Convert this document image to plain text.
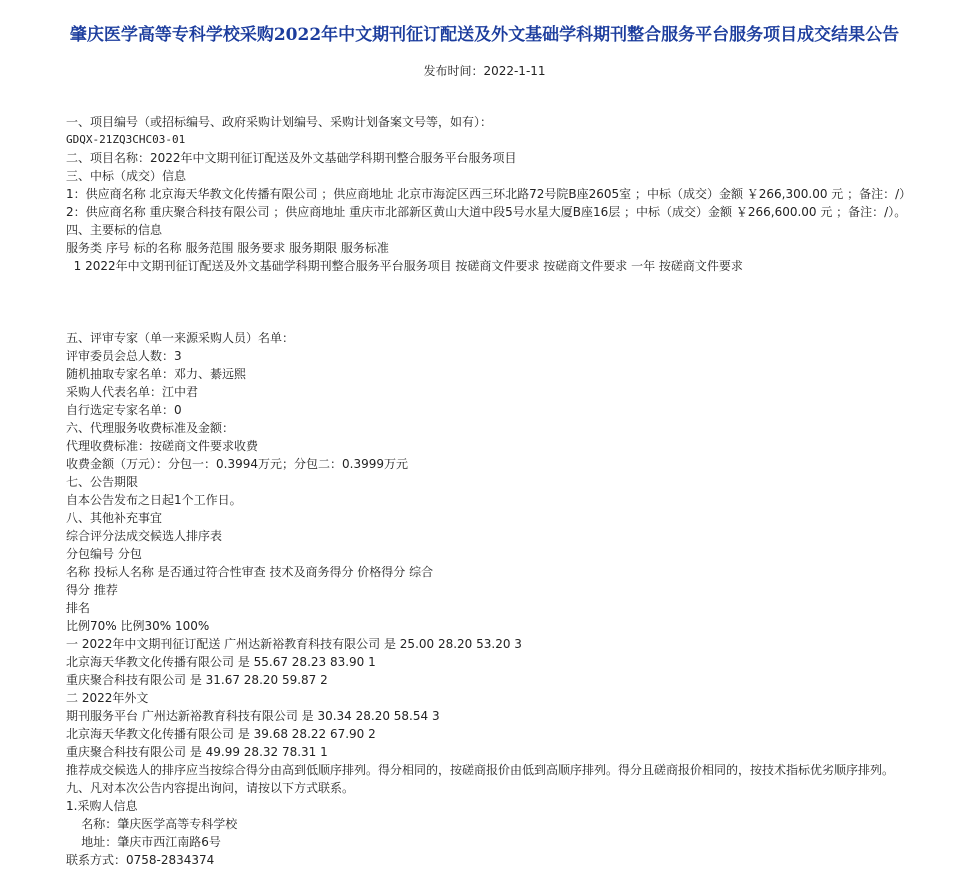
肇庆医学高等专科学校采购2022年中文期刊征订配送及外文基础学科期刊整合服务平台服务项目成交结果公告
发布时间：2022-1-11
一、项目编号（或招标编号、政府采购计划编号、采购计划备案文号等，如有）：
GDQX-21ZQ3CHC03-01
二、项目名称：2022年中文期刊征订配送及外文基础学科期刊整合服务平台服务项目
三、中标（成交）信息
1：供应商名称 北京海天华教文化传播有限公司 ；供应商地址 北京市海淀区西三环北路72号院B座2605室 ；中标（成交）金额 ￥266,300.00 元 ；备注：/）
2：供应商名称 重庆聚合科技有限公司 ；供应商地址 重庆市北部新区黄山大道中段5号水星大厦B座16层 ；中标（成交）金额 ￥266,600.00 元 ；备注：/）。
四、主要标的信息
服务类 序号 标的名称 服务范围 服务要求 服务期限 服务标准
1 2022年中文期刊征订配送及外文基础学科期刊整合服务平台服务项目 按磋商文件要求 按磋商文件要求 一年 按磋商文件要求
五、评审专家（单一来源采购人员）名单：
评审委员会总人数：3
随机抽取专家名单：邓力、綦远熙
采购人代表名单：江中君
自行选定专家名单：0
六、代理服务收费标准及金额：
代理收费标准：按磋商文件要求收费
收费金额（万元）：分包一：0.3994万元；分包二：0.3999万元
七、公告期限
自本公告发布之日起1个工作日。
八、其他补充事宜
综合评分法成交候选人排序表
分包编号 分包
名称 投标人名称 是否通过符合性审查 技术及商务得分 价格得分 综合
得分 推荐
排名
比例70% 比例30% 100%
一 2022年中文期刊征订配送 广州达新裕教育科技有限公司 是 25.00 28.20 53.20 3
北京海天华教文化传播有限公司 是 55.67 28.23 83.90 1
重庆聚合科技有限公司 是 31.67 28.20 59.87 2
二 2022年外文
期刊服务平台 广州达新裕教育科技有限公司 是 30.34 28.20 58.54 3
北京海天华教文化传播有限公司 是 39.68 28.22 67.90 2
重庆聚合科技有限公司 是 49.99 28.32 78.31 1
推荐成交候选人的排序应当按综合得分由高到低顺序排列。得分相同的，按磋商报价由低到高顺序排列。得分且磋商报价相同的，按技术指标优劣顺序排列。
九、凡对本次公告内容提出询问，请按以下方式联系。
1.采购人信息
名称：肇庆医学高等专科学校
地址：肇庆市西江南路6号
联系方式：0758-2834374
